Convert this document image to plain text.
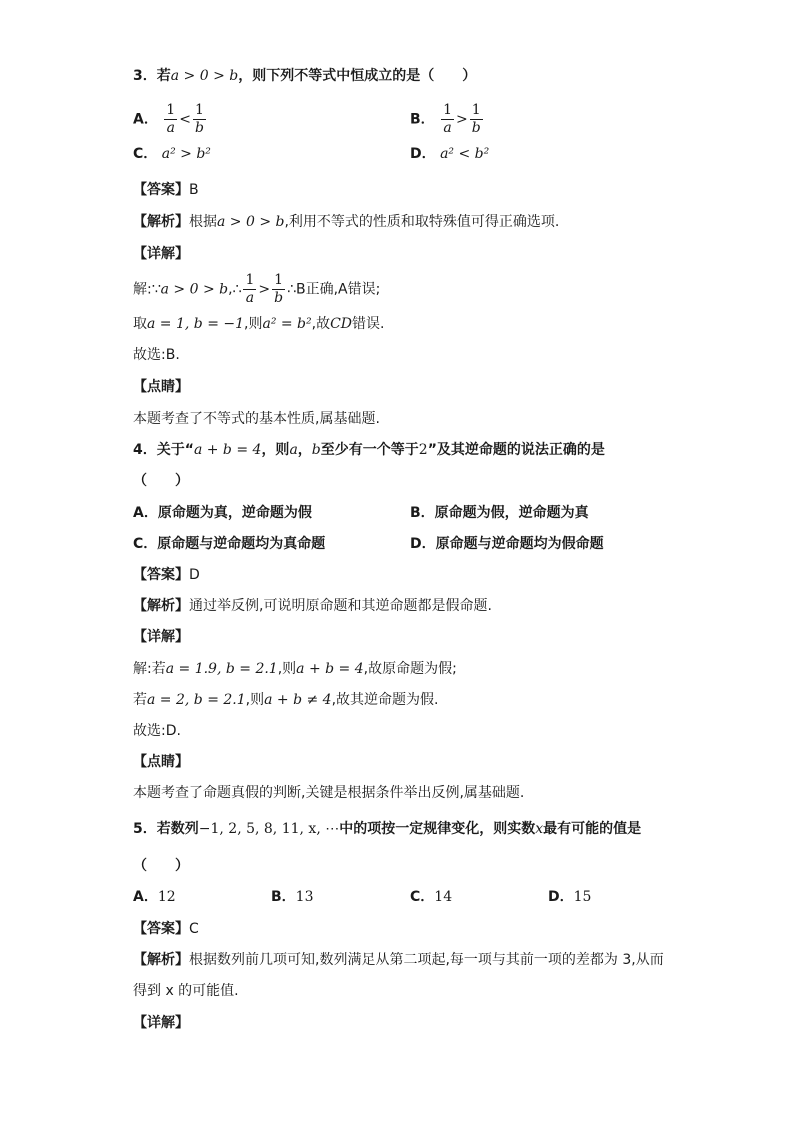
3．若a > 0 > b，则下列不等式中恒成立的是（　　）
A． $\frac{1}{a} < \frac{1}{b}$	B． $\frac{1}{a} > \frac{1}{b}$
C． a² > b²	D． a² < b²
【答案】B
【解析】根据a > 0 > b,利用不等式的性质和取特殊值可得正确选项.
【详解】
解:∵a > 0 > b,∴ $\frac{1}{a} > \frac{1}{b}$ ∴B正确,A错误;
取a = 1, b = −1,则a² = b²,故CD错误.
故选:B.
【点睛】
本题考查了不等式的基本性质,属基础题.
4．关于“a + b = 4，则a，b至少有一个等于2”及其逆命题的说法正确的是
（　　）
A．原命题为真，逆命题为假	B．原命题为假，逆命题为真
C．原命题与逆命题均为真命题	D．原命题与逆命题均为假命题
【答案】D
【解析】通过举反例,可说明原命题和其逆命题都是假命题.
【详解】
解:若a = 1.9, b = 2.1,则a + b = 4,故原命题为假;
若a = 2, b = 2.1,则a + b ≠ 4,故其逆命题为假.
故选:D.
【点睛】
本题考查了命题真假的判断,关键是根据条件举出反例,属基础题.
5．若数列−1, 2, 5, 8, 11, x, ⋯中的项按一定规律变化，则实数x最有可能的值是
（　　）
A．12	B．13	C．14	D．15
【答案】C
【解析】根据数列前几项可知,数列满足从第二项起,每一项与其前一项的差都为 3,从而
得到 x 的可能值.
【详解】
